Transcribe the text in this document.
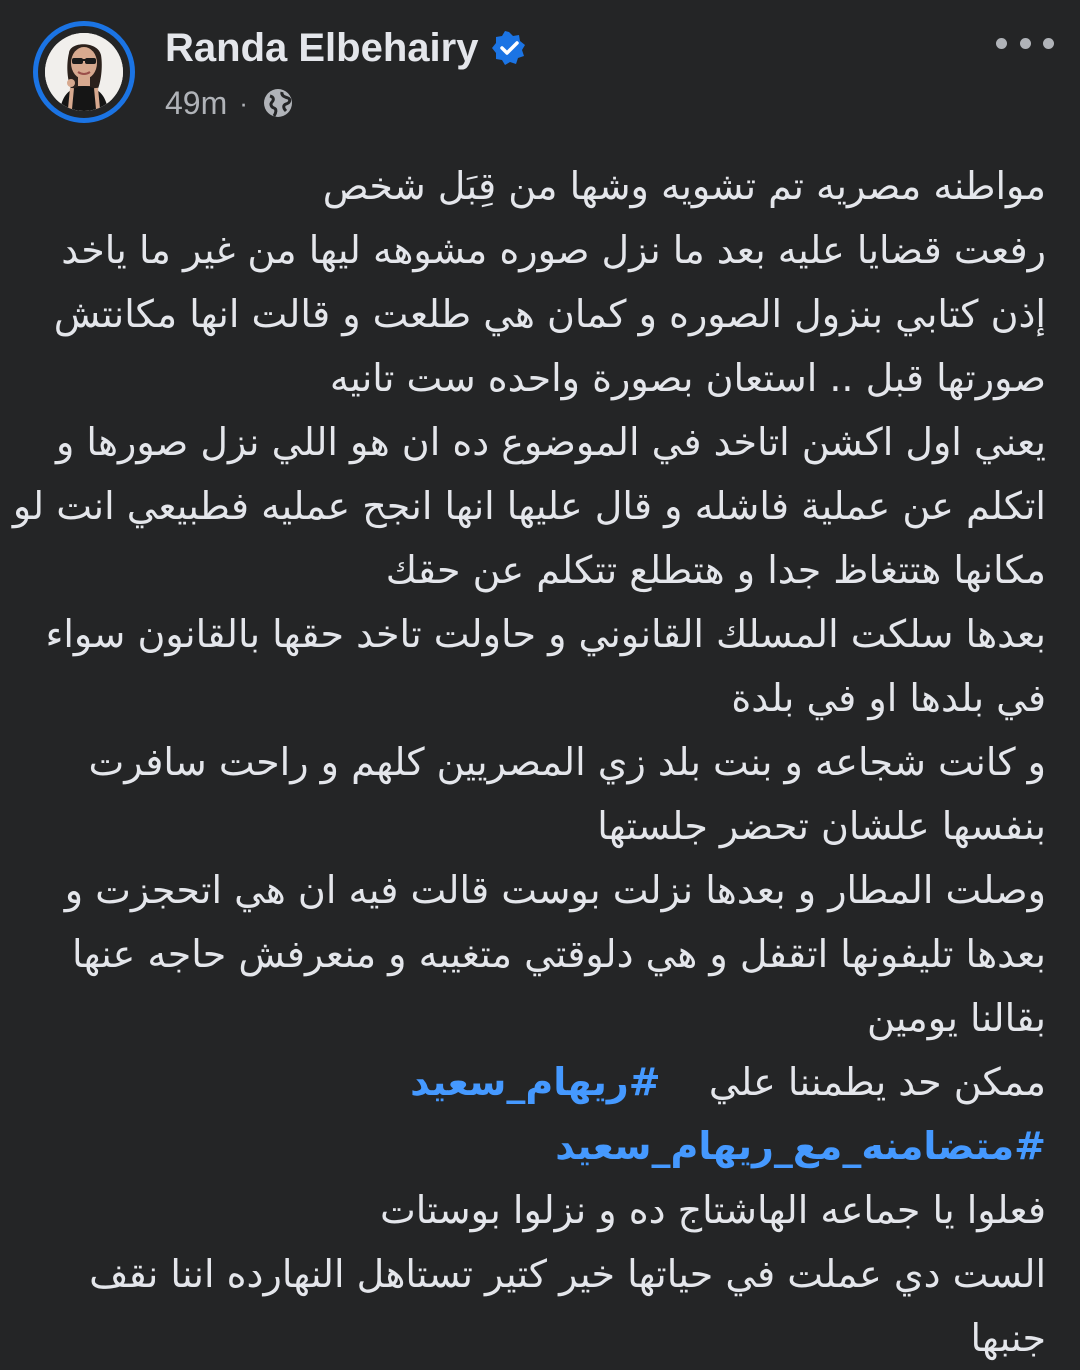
Randa Elbehairy
49m ·
مواطنه مصريه تم تشويه وشها من قِبَل شخص
رفعت قضايا عليه بعد ما نزل صوره مشوهه ليها من غير ما ياخد
إذن كتابي بنزول الصوره و كمان هي طلعت و قالت انها مكانتش
صورتها قبل .. استعان بصورة واحده ست تانيه
يعني اول اكشن اتاخد في الموضوع ده ان هو اللي نزل صورها و
اتكلم عن عملية فاشله و قال عليها انها انجح عمليه فطبيعي انت لو
مكانها هتتغاظ جدا و هتطلع تتكلم عن حقك
بعدها سلكت المسلك القانوني و حاولت تاخد حقها بالقانون سواء
في بلدها او في بلدة
و كانت شجاعه و بنت بلد زي المصريين كلهم و راحت سافرت
بنفسها علشان تحضر جلستها
وصلت المطار و بعدها نزلت بوست قالت فيه ان هي اتحجزت و
بعدها تليفونها اتقفل و هي دلوقتي متغيبه و منعرفش حاجه عنها
بقالنا يومين
ممكن حد يطمننا علي    #ريهام_سعيد
#متضامنه_مع_ريهام_سعيد
فعلوا يا جماعه الهاشتاج ده و نزلوا بوستات
الست دي عملت في حياتها خير كتير تستاهل النهارده اننا نقف
جنبها
